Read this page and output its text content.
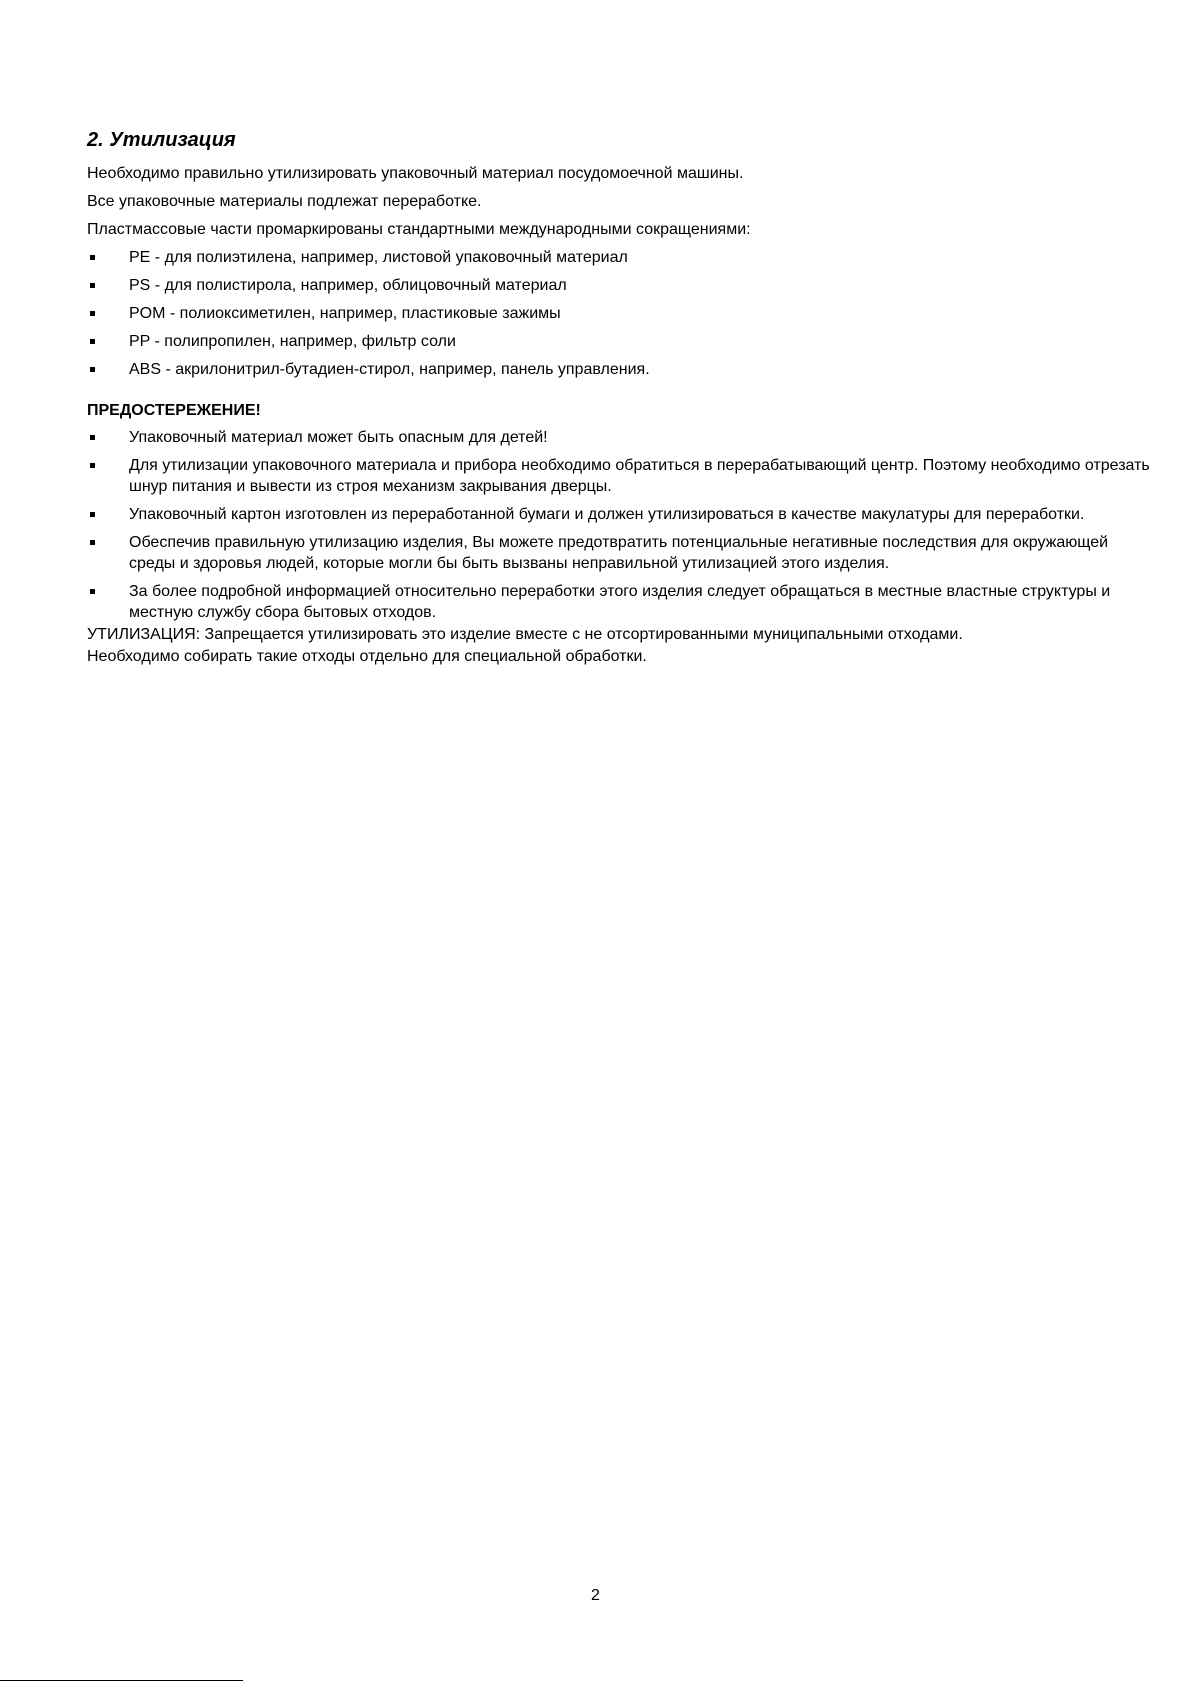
2. Утилизация

Необходимо правильно утилизировать упаковочный материал посудомоечной машины.

Все упаковочные материалы подлежат переработке.

Пластмассовые части промаркированы стандартными международными сокращениями:

PE - для полиэтилена, например, листовой упаковочный материал
PS - для полистирола, например, облицовочный материал
POM - полиоксиметилен, например, пластиковые зажимы
PP - полипропилен, например, фильтр соли
ABS - акрилонитрил-бутадиен-стирол, например, панель управления.
ПРЕДОСТЕРЕЖЕНИЕ!
Упаковочный материал может быть опасным для детей!
Для утилизации упаковочного материала и прибора необходимо обратиться в перерабатывающий центр. Поэтому необходимо отрезать шнур питания и вывести из строя механизм закрывания дверцы.
Упаковочный картон изготовлен из переработанной бумаги и должен утилизироваться в качестве макулатуры для переработки.
Обеспечив правильную утилизацию изделия, Вы можете предотвратить потенциальные негативные последствия для окружающей среды и здоровья людей, которые могли бы быть вызваны неправильной утилизацией этого изделия.
За более подробной информацией относительно переработки этого изделия следует обращаться в местные властные структуры и местную службу сбора бытовых отходов.

УТИЛИЗАЦИЯ: Запрещается утилизировать это изделие вместе с не отсортированными муниципальными отходами.

Необходимо собирать такие отходы отдельно для специальной обработки.

2
